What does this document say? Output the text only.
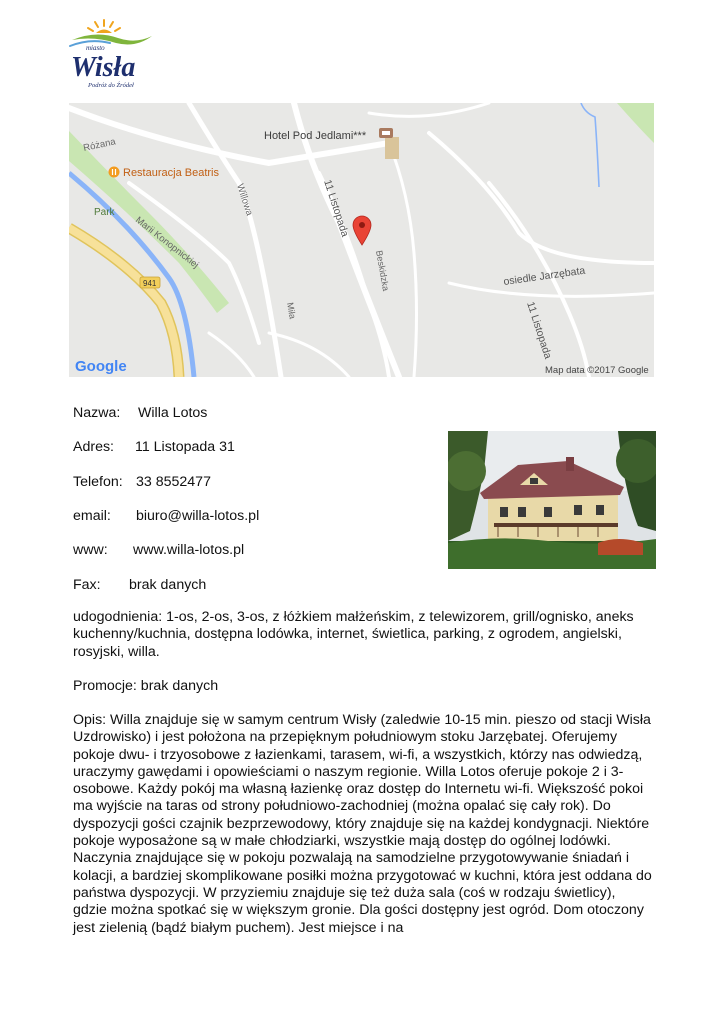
miasto
Wisła
Podróż do Źródeł
Hotel Pod Jedlami***
Restauracja Beatris
Różana
Park
Marii Konopnickiej
Willowa	11 Listopada
Beskidzka
Miła
osiedle Jarzębata
11 Listopada
941
Google	Map data ©2017 Google
Nazwa: Willa Lotos
Adres: 11 Listopada 31
Telefon: 33 8552477
email: biuro@willa-lotos.pl
www: www.willa-lotos.pl
Fax: brak danych

udogodnienia: 1-os, 2-os, 3-os, z łóżkiem małżeńskim, z telewizorem, grill/ognisko, aneks kuchenny/kuchnia, dostępna lodówka, internet, świetlica, parking, z ogrodem, angielski, rosyjski, willa.

Promocje: brak danych

Opis: Willa znajduje się w samym centrum Wisły (zaledwie 10-15 min. pieszo od stacji Wisła Uzdrowisko) i jest położona na przepięknym południowym stoku Jarzębatej. Oferujemy pokoje dwu- i trzyosobowe z łazienkami, tarasem, wi-fi, a wszystkich, którzy nas odwiedzą, uraczymy gawędami i opowieściami o naszym regionie. Willa Lotos oferuje pokoje 2 i 3-osobowe. Każdy pokój ma własną łazienkę oraz dostęp do Internetu wi-fi. Większość pokoi ma wyjście na taras od strony południowo-zachodniej (można opalać się cały rok). Do dyspozycji gości czajnik bezprzewodowy, który znajduje się na każdej kondygnacji. Niektóre pokoje wyposażone są w małe chłodziarki, wszystkie mają dostęp do ogólnej lodówki. Naczynia znajdujące się w pokoju pozwalają na samodzielne przygotowywanie śniadań i kolacji, a bardziej skomplikowane posiłki można przygotować w kuchni, która jest oddana do państwa dyspozycji. W przyziemiu znajduje się też duża sala (coś w rodzaju świetlicy), gdzie można spotkać się w większym gronie. Dla gości dostępny jest ogród. Dom otoczony jest zielenią (bądź białym puchem). Jest miejsce i na
